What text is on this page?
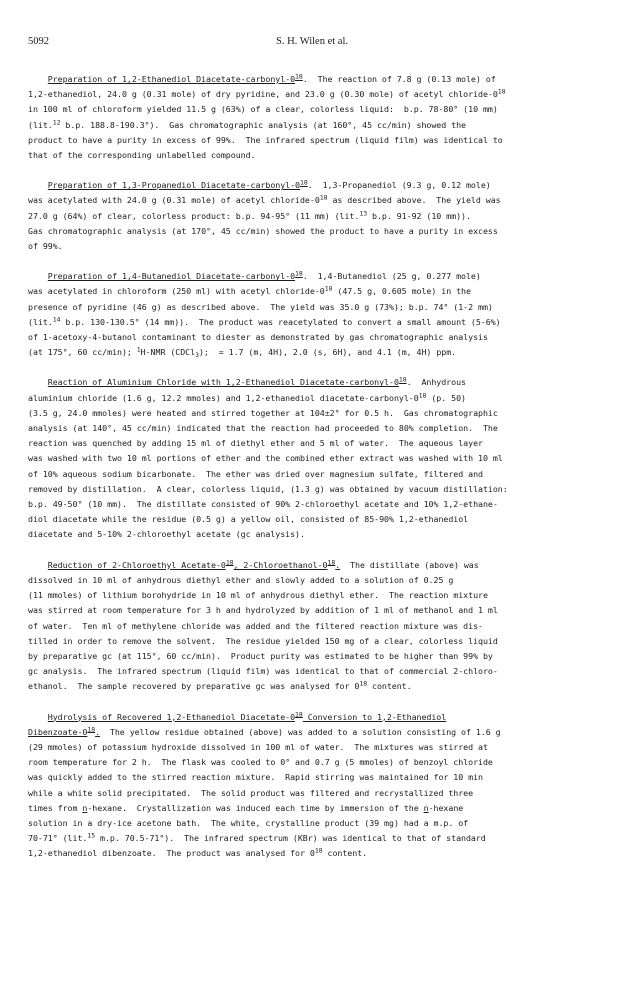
5092	S. H. Wilen et al.
Preparation of 1,2-Ethanediol Diacetate-$carbonyl-0^{18}$.  The reaction of 7.8 g (0.13 mole) of
1,2-ethanediol, 24.0 g (0.31 mole) of dry pyridine, and 23.0 g (0.30 mole) of acetyl chloride-$0^{18}$
in 100 ml of chloroform yielded 11.5 g (63%) of a clear, colorless liquid:  b.p. 78-80° (10 mm)
(lit.$^{12}$ b.p. 188.8-190.3°).  Gas chromatographic analysis (at 160°, 45 cc/min) showed the
product to have a purity in excess of 99%.  The infrared spectrum (liquid film) was identical to
that of the corresponding unlabelled compound.
Preparation of 1,3-Propanediol Diacetate-$carbonyl-0^{18}$.  1,3-Propanediol (9.3 g, 0.12 mole)
was acetylated with 24.0 g (0.31 mole) of acetyl chloride-$0^{18}$ as described above.  The yield was
27.0 g (64%) of clear, colorless product: b.p. 94-95° (11 mm) (lit.$^{13}$ b.p. 91-92 (10 mm)).
Gas chromatographic analysis (at 170°, 45 cc/min) showed the product to have a purity in excess
of 99%.
Preparation of 1,4-Butanediol Diacetate-$carbonyl-0^{18}$.  1,4-Butanediol (25 g, 0.277 mole)
was acetylated in chloroform (250 ml) with acetyl chloride-$0^{18}$ (47.5 g, 0.605 mole) in the
presence of pyridine (46 g) as described above.  The yield was 35.0 g (73%); b.p. 74° (1-2 mm)
(lit.$^{14}$ b.p. 130-130.5° (14 mm)).  The product was reacetylated to convert a small amount (5-6%)
of 1-acetoxy-4-butanol contaminant to diester as demonstrated by gas chromatographic analysis
(at 175°, 60 cc/min); $^1$H-NMR (CDCl$_3$);  = 1.7 (m, 4H), 2.0 (s, 6H), and 4.1 (m, 4H) ppm.
Reaction of Aluminium Chloride with 1,2-Ethanediol Diacetate-$carbonyl-0^{18}$.  Anhydrous
aluminium chloride (1.6 g, 12.2 mmoles) and 1,2-ethanediol diacetate-$carbonyl-0^{18}$ (p. 50)
(3.5 g, 24.0 mmoles) were heated and stirred together at 104±2° for 0.5 h.  Gas chromatographic
analysis (at 140°, 45 cc/min) indicated that the reaction had proceeded to 80% completion.  The
reaction was quenched by adding 15 ml of diethyl ether and 5 ml of water.  The aqueous layer
was washed with two 10 ml portions of ether and the combined ether extract was washed with 10 ml
of 10% aqueous sodium bicarbonate.  The ether was dried over magnesium sulfate, filtered and
removed by distillation.  A clear, colorless liquid, (1.3 g) was obtained by vacuum distillation:
b.p. 49-50° (10 mm).  The distillate consisted of 90% 2-chloroethyl acetate and 10% 1,2-ethane-
diol diacetate while the residue (0.5 g) a yellow oil, consisted of 85-90% 1,2-ethanediol
diacetate and 5-10% 2-chloroethyl acetate (gc analysis).
Reduction of 2-Chloroethyl Acetate-$0^{18}$, $2-Chloroethanol-0^{18}$.  The distillate (above) was
dissolved in 10 ml of anhydrous diethyl ether and slowly added to a solution of 0.25 g
(11 mmoles) of lithium borohydride in 10 ml of anhydrous diethyl ether.  The reaction mixture
was stirred at room temperature for 3 h and hydrolyzed by addition of 1 ml of methanol and 1 ml
of water.  Ten ml of methylene chloride was added and the filtered reaction mixture was dis-
tilled in order to remove the solvent.  The residue yielded 150 mg of a clear, colorless liquid
by preparative gc (at 115°, 60 cc/min).  Product purity was estimated to be higher than 99% by
gc analysis.  The infrared spectrum (liquid film) was identical to that of commercial 2-chloro-
ethanol.  The sample recovered by preparative gc was analysed for $0^{18}$ content.
Hydrolysis of Recovered 1,2-Ethanediol Diacetate-$0^{18}$ Conversion to 1,2-Ethanediol
Dibenzoate-$0^{18}$.  The yellow residue obtained (above) was added to a solution consisting of 1.6 g
(29 mmoles) of potassium hydroxide dissolved in 100 ml of water.  The mixtures was stirred at
room temperature for 2 h.  The flask was cooled to 0° and 0.7 g (5 mmoles) of benzoyl chloride
was quickly added to the stirred reaction mixture.  Rapid stirring was maintained for 10 min
while a white solid precipitated.  The solid product was filtered and recrystallized three
times from n-hexane.  Crystallization was induced each time by immersion of the n-hexane
solution in a dry-ice acetone bath.  The white, crystalline product (39 mg) had a m.p. of
70-71° (lit.$^{15}$ m.p. 70.5-71°).  The infrared spectrum (KBr) was identical to that of standard
1,2-ethanediol dibenzoate.  The product was analysed for $0^{18}$ content.
